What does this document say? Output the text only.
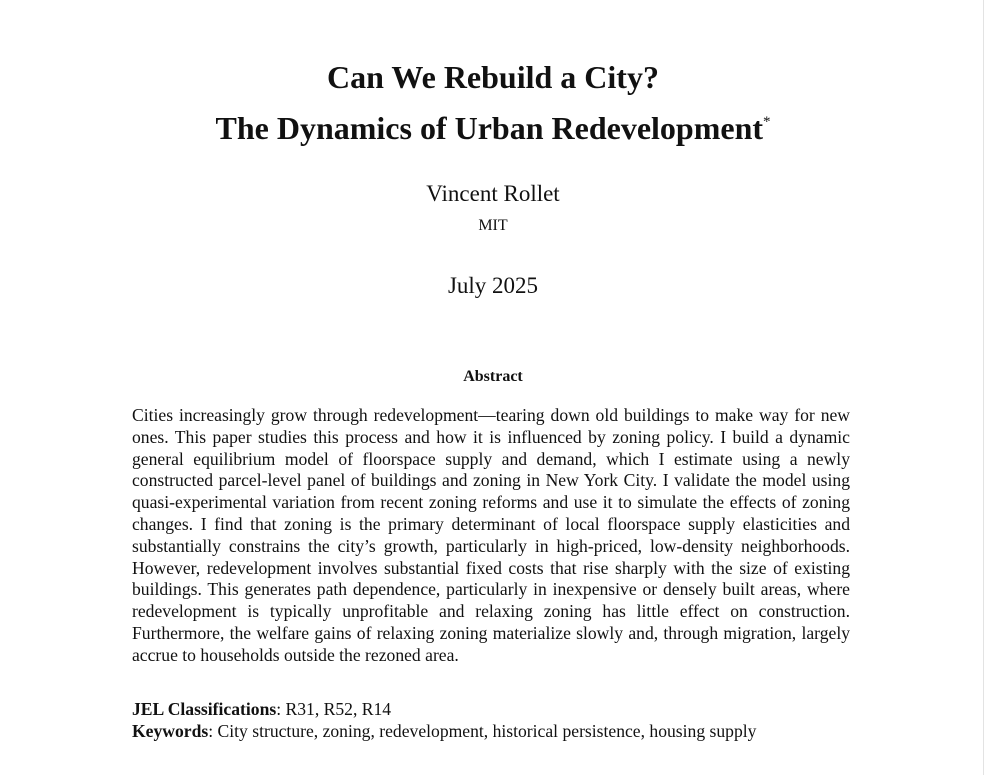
Can We Rebuild a City?
The Dynamics of Urban Redevelopment*
Vincent Rollet
MIT
July 2025
Abstract

Cities increasingly grow through redevelopment—tearing down old buildings to make way for new ones. This paper studies this process and how it is influenced by zoning policy. I build a dynamic general equilibrium model of floorspace supply and demand, which I estimate using a newly constructed parcel-level panel of buildings and zoning in New York City. I validate the model using quasi-experimental variation from recent zoning reforms and use it to simulate the effects of zoning changes. I find that zoning is the primary determinant of local floorspace supply elasticities and substantially constrains the city’s growth, particularly in high-priced, low-density neighborhoods. However, redevelopment involves substantial fixed costs that rise sharply with the size of existing buildings. This generates path dependence, particularly in inexpensive or densely built areas, where redevelopment is typically unprofitable and relaxing zoning has little effect on construction. Furthermore, the welfare gains of relaxing zoning materialize slowly and, through migration, largely accrue to households outside the rezoned area.

JEL Classifications: R31, R52, R14
Keywords: City structure, zoning, redevelopment, historical persistence, housing supply
